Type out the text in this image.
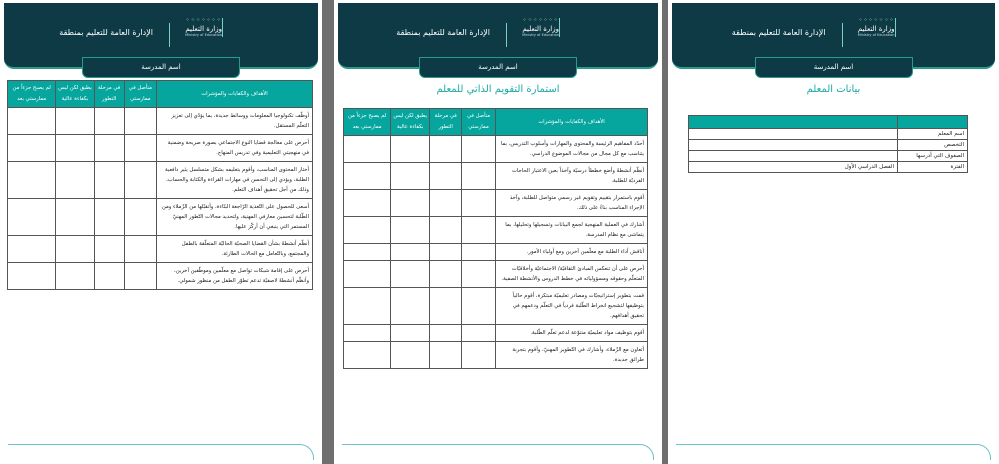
⁘⁘⁘⁘⁘⁘⁘
وزارة التعليم
Ministry of Education
الإدارة العامة للتعليم بمنطقة
اسم المدرسة
الأهداف والكفايات والمؤشرات	متأصل في ممارستي	في مرحلة التطور	يطبق لكن ليس بكفاءة عالية	لم يصبح جزءاً من ممارستي بعد
أوظّف تكنولوجيا المعلومات ووسائط جديدة، بما يؤدّي إلى تعزيز التعلّم المستقل.				
أحرص على معالجة قضايا النوع الاجتماعي بصورة صريحة وضمنية في منهجيتي التعليمية وفي تدريس المنهاج.				
أختار المحتوى المناسب، وأقوم بتعليمه بشكل متسلسل يثير دافعية الطلبة، ويؤدي إلى التحسن في مهارات القراءة والكتابة والحساب، وذلك من أجل تحقيق أهداف التعلم.				
أسعى للحصول على التّغذية الرّاجعة البنّاءة، وأتقبّلها من الزّملاء ومن الطّلبة لتحسين معارفي المهنية، ولتحديد مجالات التّطور المهنيّ المستمر التي ينبغي أن أركّز عليها.				
أنظّم أنشطةً بشأن القضايا الصحيّة الحاليّة المتعلّقة بالطفل والمجتمع، وبالتّعامل مع الحالات الطارئة.				
أحرص على إقامة شبكات تواصل مع معلّمين وموظّفين آخرين، وأنظّم أنشطةً لاصفيّة تدعم تطوّر الطفل من منظور شمولي.				
⁘⁘⁘⁘⁘⁘⁘
وزارة التعليم
Ministry of Education
الإدارة العامة للتعليم بمنطقة
اسم المدرسة
استمارة التقويم الذاتي للمعلم
الأهداف والكفايات والمؤشرات	متأصل في ممارستي	في مرحلة التطور	يطبق لكن ليس بكفاءة عالية	لم يصبح جزءاً من ممارستي بعد
أحدّد المفاهيم الرئيسة والمحتوى والمهارات وأسلوب التدريس، بما يتناسب مع كل مجال من مجالات الموضوع الدراسي.				
أنظّم أنشطةً وأضع خططاً درسيّة وآخذاً بعين الاعتبار الحاجات الفرديّة للطلبة.				
أقوم باستمرار بتقييم وتقويم غير رسمي متواصل للطلبة، وآخذ الإجراء المناسب بناءً على ذلك.				
أشارك في العملية المنهجية لجمع البيانات وتسجيلها وتحليلها، بما يتماشى مع نظام المدرسة.				
أناقش أداء الطلبة مع معلّمين آخرين ومع أولياء الأمور.				
أحرص على أن تنعكس المبادئ الثقافيّة/ الاجتماعيّة وأخلاقيّات المتعلّم وحقوقه ومسؤولياته في خطط الدروس والأنشطة الصفية.				
قمت بتطوير إستراتيجيّات ومصادر تعليميّة مبتكرة، أقوم حالياً بتوظيفها لتشجيع انخراط الطّلبة فردياً في التعلّم ودعمهم في تحقيق أهدافهم.				
أقوم بتوظيف مواد تعليميّة متنوّعة لدعم تعلّم الطّلبة.				
أتعاون مع الزّملاء، وأشارك في التّطوير المهنيّ، وأقوم بتجربة طرائق جديدة.				
⁘⁘⁘⁘⁘⁘⁘
وزارة التعليم
Ministry of Education
الإدارة العامة للتعليم بمنطقة
اسم المدرسة
بيانات المعلم

اسم المعلم	
التخصص	
الصفوف التي أدرسها	
الفترة	الفصل الدراسي الأول
